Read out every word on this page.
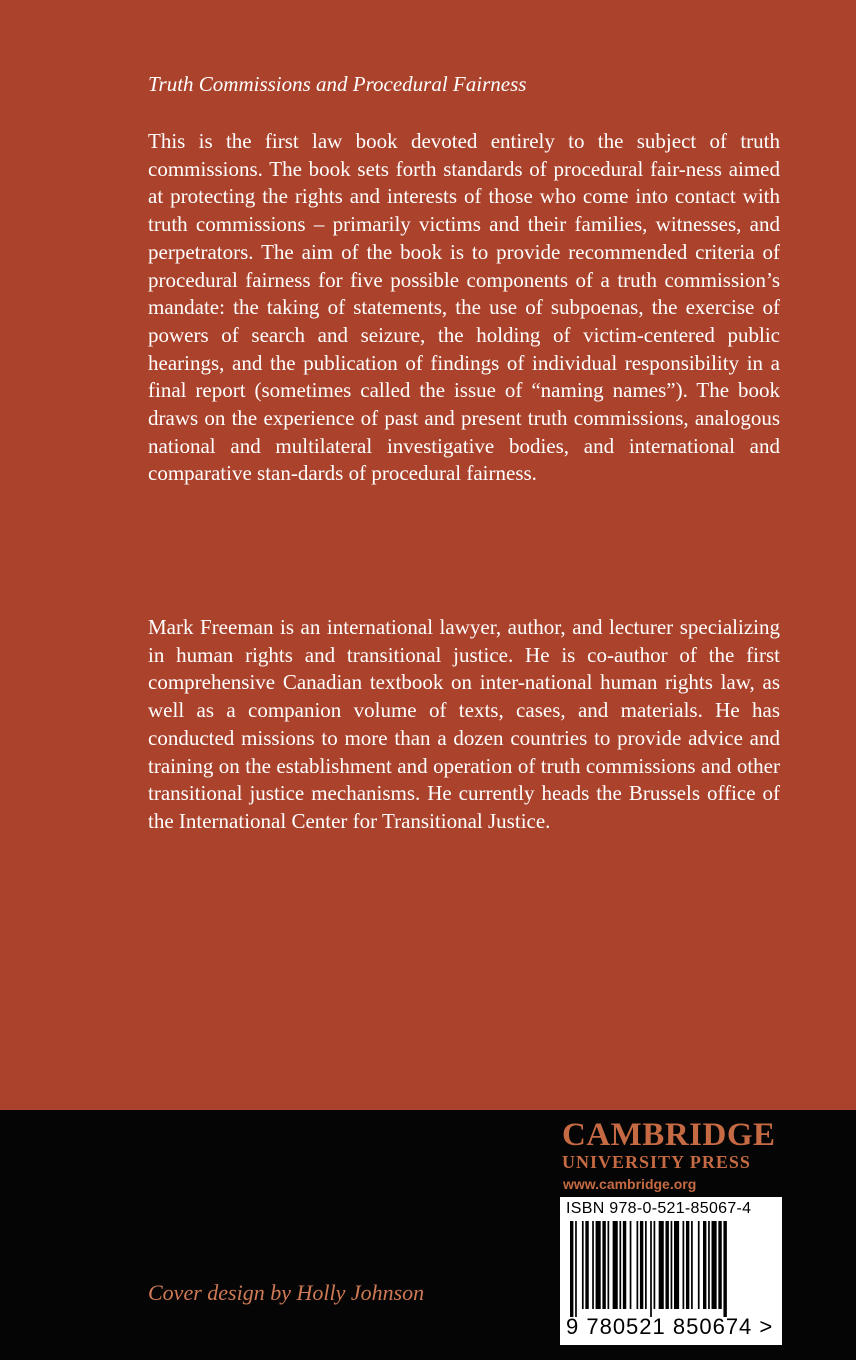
Truth Commissions and Procedural Fairness

This is the first law book devoted entirely to the subject of truth commissions. The book sets forth standards of procedural fair-ness aimed at protecting the rights and interests of those who come into contact with truth commissions – primarily victims and their families, witnesses, and perpetrators. The aim of the book is to provide recommended criteria of procedural fairness for five possible components of a truth commission’s mandate: the taking of statements, the use of subpoenas, the exercise of powers of search and seizure, the holding of victim-centered public hearings, and the publication of findings of individual responsibility in a final report (sometimes called the issue of “naming names”). The book draws on the experience of past and present truth commissions, analogous national and multilateral investigative bodies, and international and comparative stan-dards of procedural fairness.

Mark Freeman is an international lawyer, author, and lecturer specializing in human rights and transitional justice. He is co-author of the first comprehensive Canadian textbook on inter-national human rights law, as well as a companion volume of texts, cases, and materials. He has conducted missions to more than a dozen countries to provide advice and training on the establishment and operation of truth commissions and other transitional justice mechanisms. He currently heads the Brussels office of the International Center for Transitional Justice.

CAMBRIDGE
UNIVERSITY PRESS
www.cambridge.org
ISBN 978-0-521-85067-4
9 780521 850674 >
Cover design by Holly Johnson
